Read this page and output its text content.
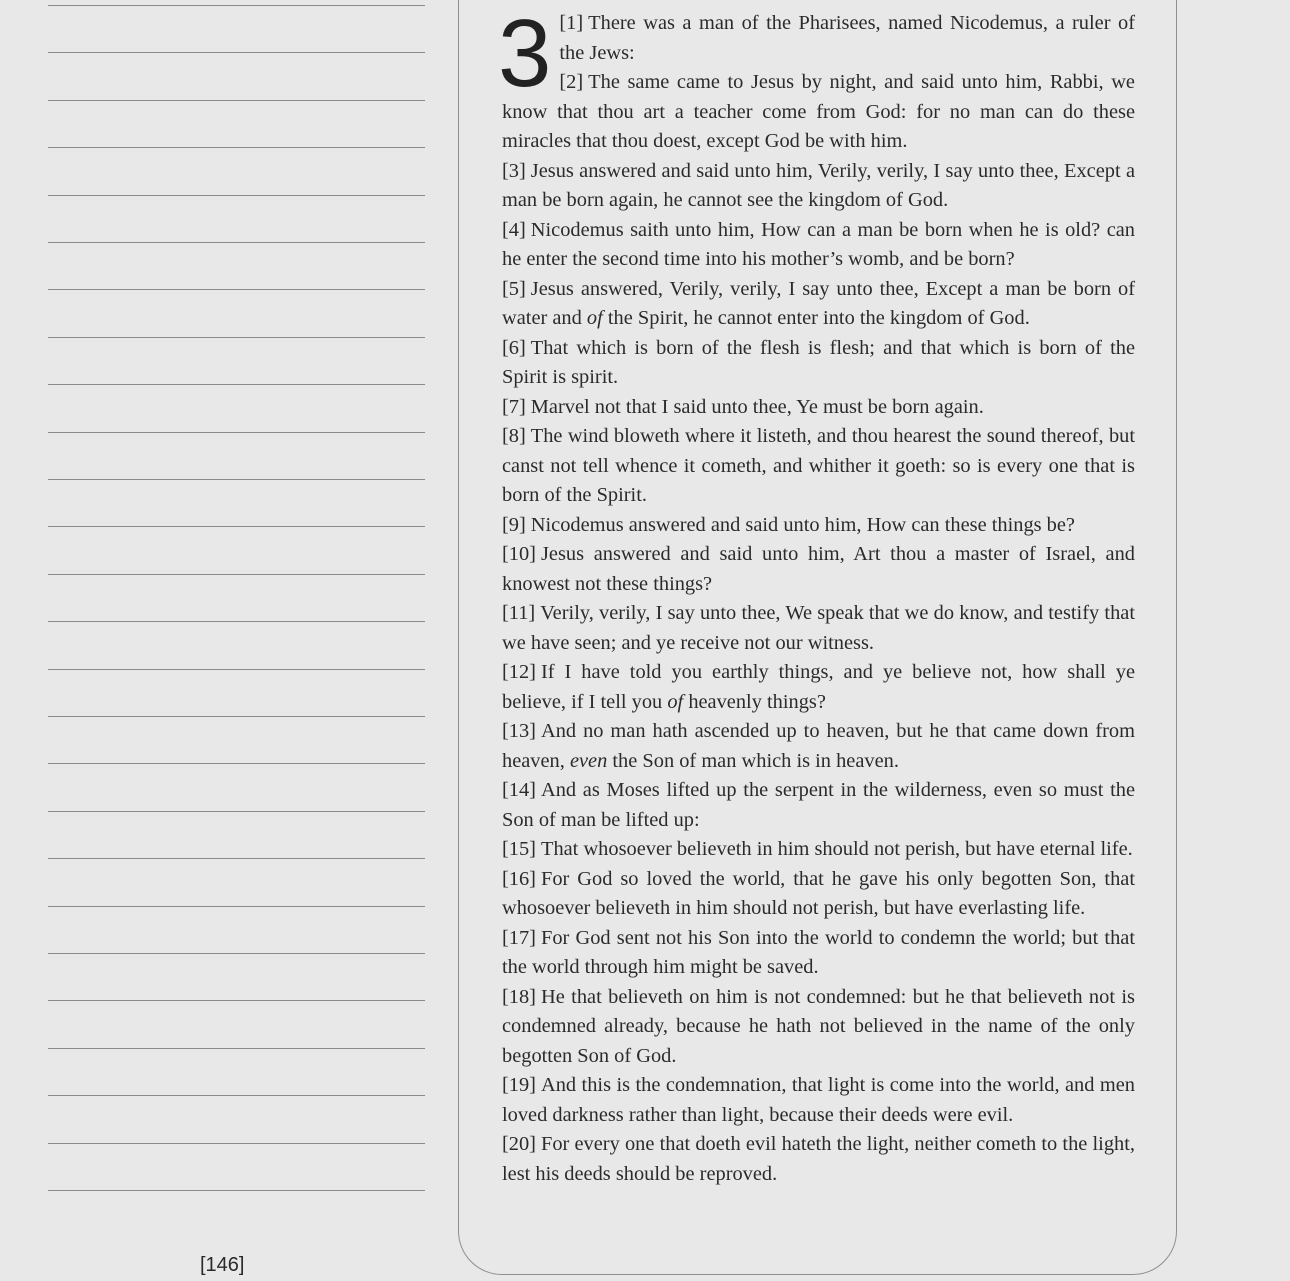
[146]
3 [1] There was a man of the Pharisees, named Nicodemus, a ruler of the Jews:
[2] The same came to Jesus by night, and said unto him, Rabbi, we know that thou art a teacher come from God: for no man can do these miracles that thou doest, except God be with him.
[3] Jesus answered and said unto him, Verily, verily, I say unto thee, Except a man be born again, he cannot see the kingdom of God.
[4] Nicodemus saith unto him, How can a man be born when he is old? can he enter the second time into his mother’s womb, and be born?
[5] Jesus answered, Verily, verily, I say unto thee, Except a man be born of water and of the Spirit, he cannot enter into the kingdom of God.
[6] That which is born of the flesh is flesh; and that which is born of the Spirit is spirit.
[7] Marvel not that I said unto thee, Ye must be born again.
[8] The wind bloweth where it listeth, and thou hearest the sound thereof, but canst not tell whence it cometh, and whither it goeth: so is every one that is born of the Spirit.
[9] Nicodemus answered and said unto him, How can these things be?
[10] Jesus answered and said unto him, Art thou a master of Israel, and knowest not these things?
[11] Verily, verily, I say unto thee, We speak that we do know, and testify that we have seen; and ye receive not our witness.
[12] If I have told you earthly things, and ye believe not, how shall ye believe, if I tell you of heavenly things?
[13] And no man hath ascended up to heaven, but he that came down from heaven, even the Son of man which is in heaven.
[14] And as Moses lifted up the serpent in the wilderness, even so must the Son of man be lifted up:
[15] That whosoever believeth in him should not perish, but have eternal life.
[16] For God so loved the world, that he gave his only begotten Son, that whosoever believeth in him should not perish, but have everlasting life.
[17] For God sent not his Son into the world to condemn the world; but that the world through him might be saved.
[18] He that believeth on him is not condemned: but he that believeth not is condemned already, because he hath not believed in the name of the only begotten Son of God.
[19] And this is the condemnation, that light is come into the world, and men loved darkness rather than light, because their deeds were evil.
[20] For every one that doeth evil hateth the light, neither cometh to the light, lest his deeds should be reproved.
